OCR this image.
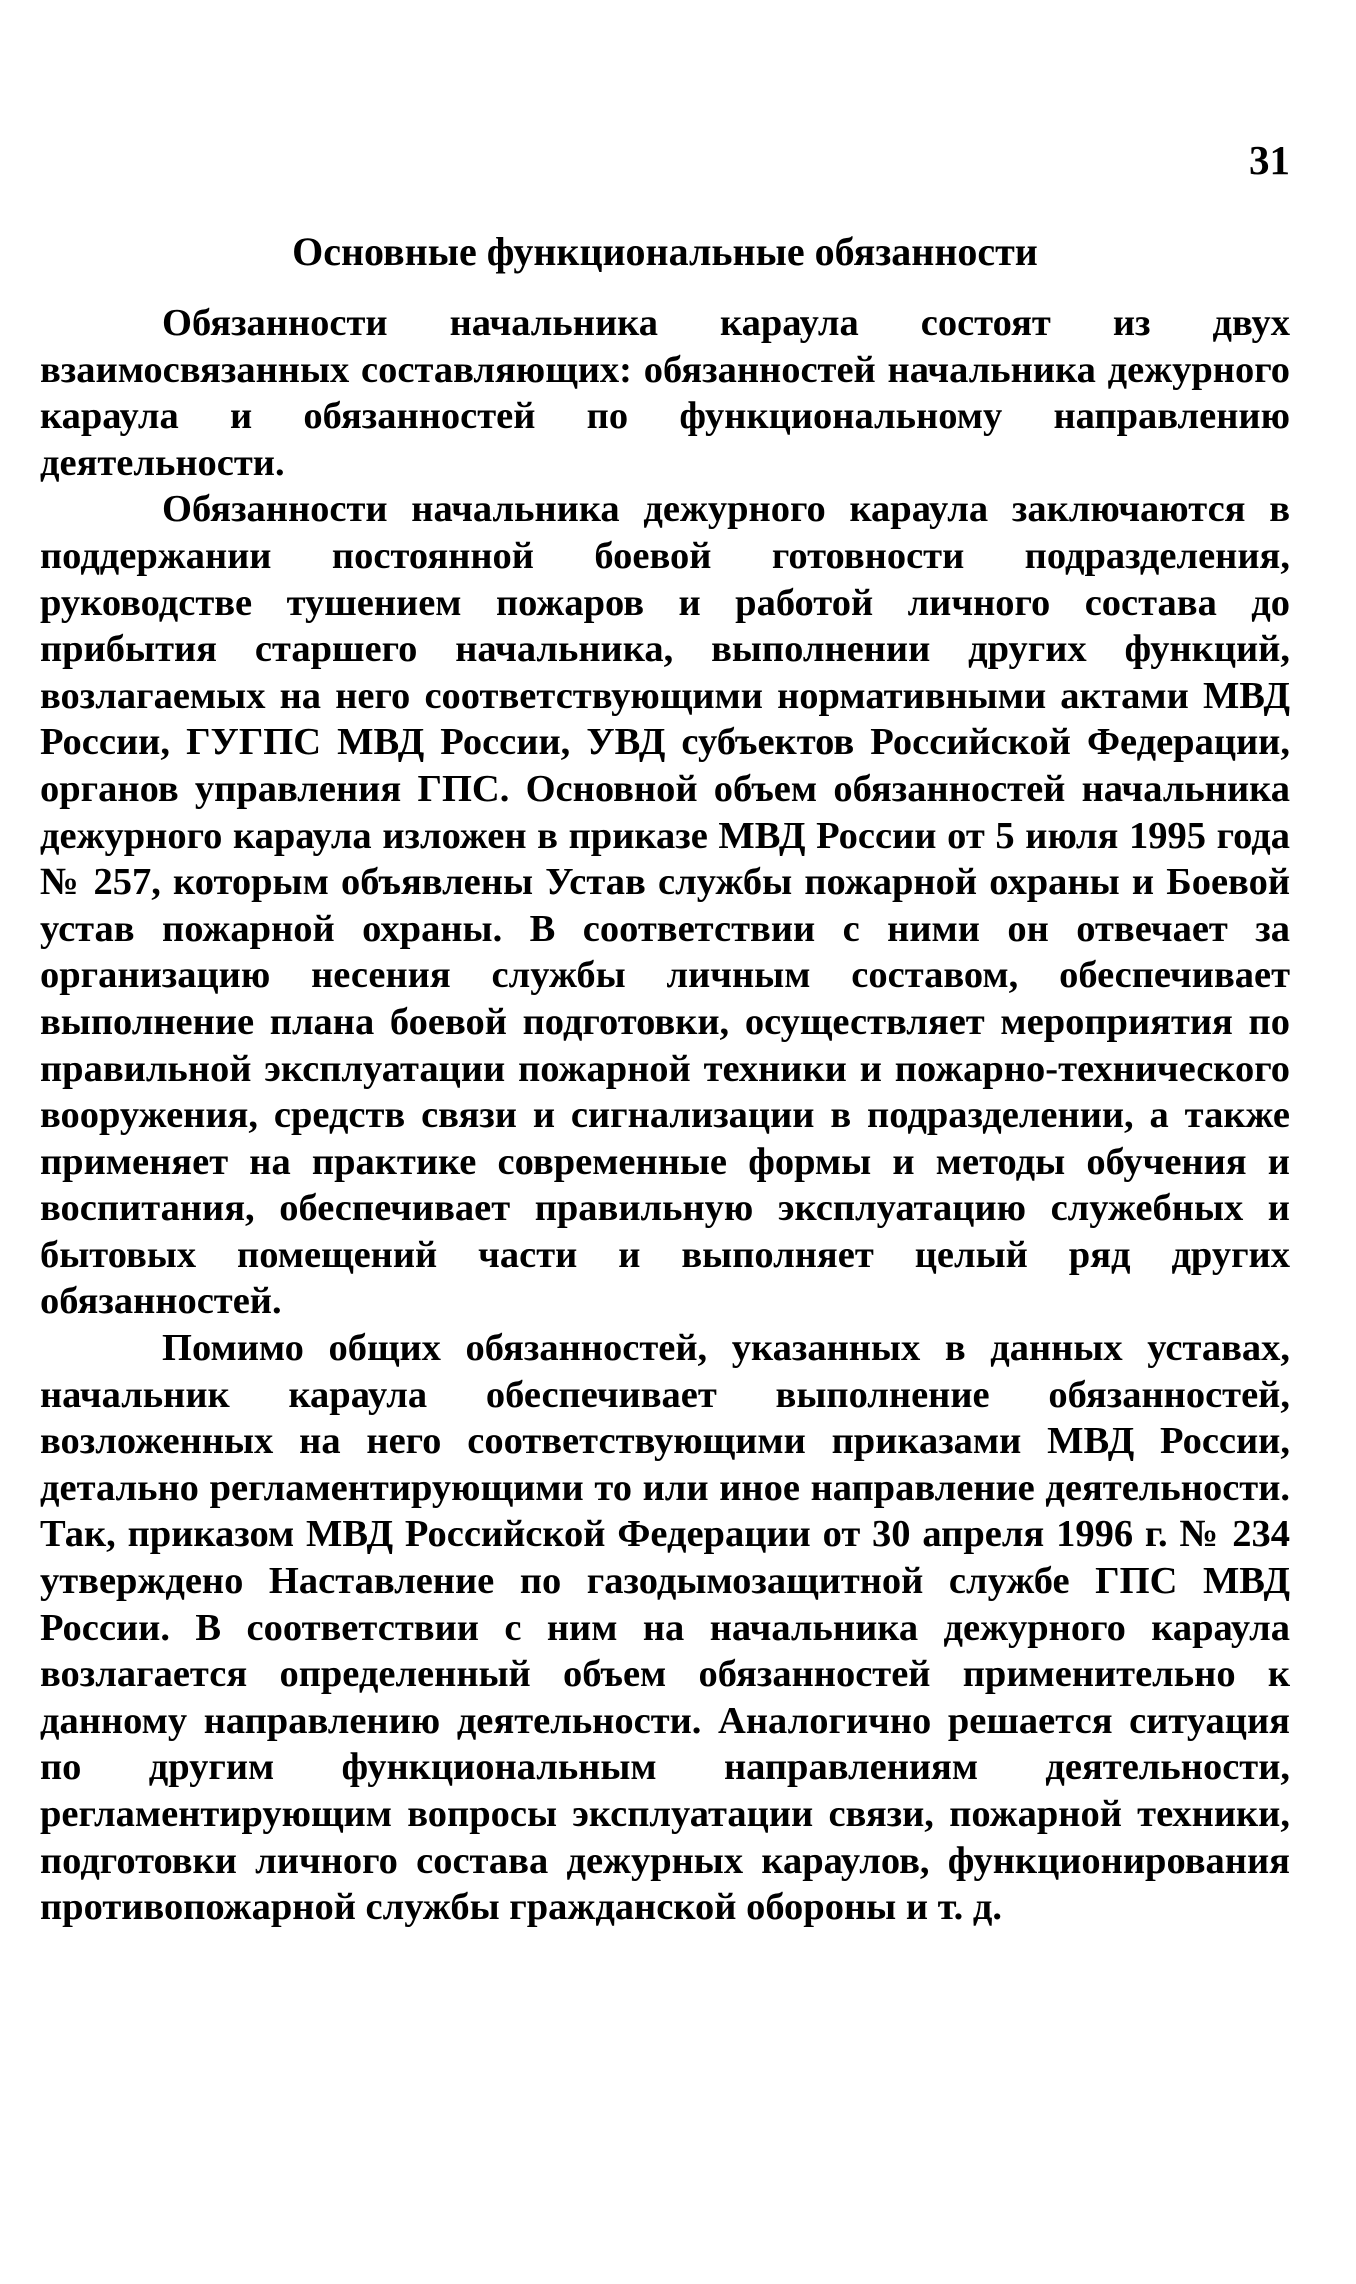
31
Основные функциональные обязанности

Обязанности начальника караула состоят из двух взаимосвязанных составляющих: обязанностей начальника дежурного караула и обязанностей по функциональному направлению деятельности.

Обязанности начальника дежурного караула заключаются в поддержании постоянной боевой готовности подразделения, руководстве тушением пожаров и работой личного состава до прибытия старшего начальника, выполнении других функций, возлагаемых на него соответствующими нормативными актами МВД России, ГУГПС МВД России, УВД субъектов Российской Федерации, органов управления ГПС. Основной объем обязанностей начальника дежурного караула изложен в приказе МВД России от 5 июля 1995 года № 257, которым объявлены Устав службы пожарной охраны и Боевой устав пожарной охраны. В соответствии с ними он отвечает за организацию несения службы личным составом, обеспечивает выполнение плана боевой подготовки, осуществляет мероприятия по правильной эксплуатации пожарной техники и пожарно-технического вооружения, средств связи и сигнализации в подразделении, а также применяет на практике современные формы и методы обучения и воспитания, обеспечивает правильную эксплуатацию служебных и бытовых помещений части и выполняет целый ряд других обязанностей.

Помимо общих обязанностей, указанных в данных уставах, начальник караула обеспечивает выполнение обязанностей, возложенных на него соответствующими приказами МВД России, детально регламентирующими то или иное направление деятельности. Так, приказом МВД Российской Федерации от 30 апреля 1996 г. № 234 утверждено Наставление по газодымозащитной службе ГПС МВД России. В соответствии с ним на начальника дежурного караула возлагается определенный объем обязанностей применительно к данному направлению деятельности. Аналогично решается ситуация по другим функциональным направлениям деятельности, регламентирующим вопросы эксплуатации связи, пожарной техники, подготовки личного состава дежурных караулов, функционирования противопожарной службы гражданской обороны и т. д.
